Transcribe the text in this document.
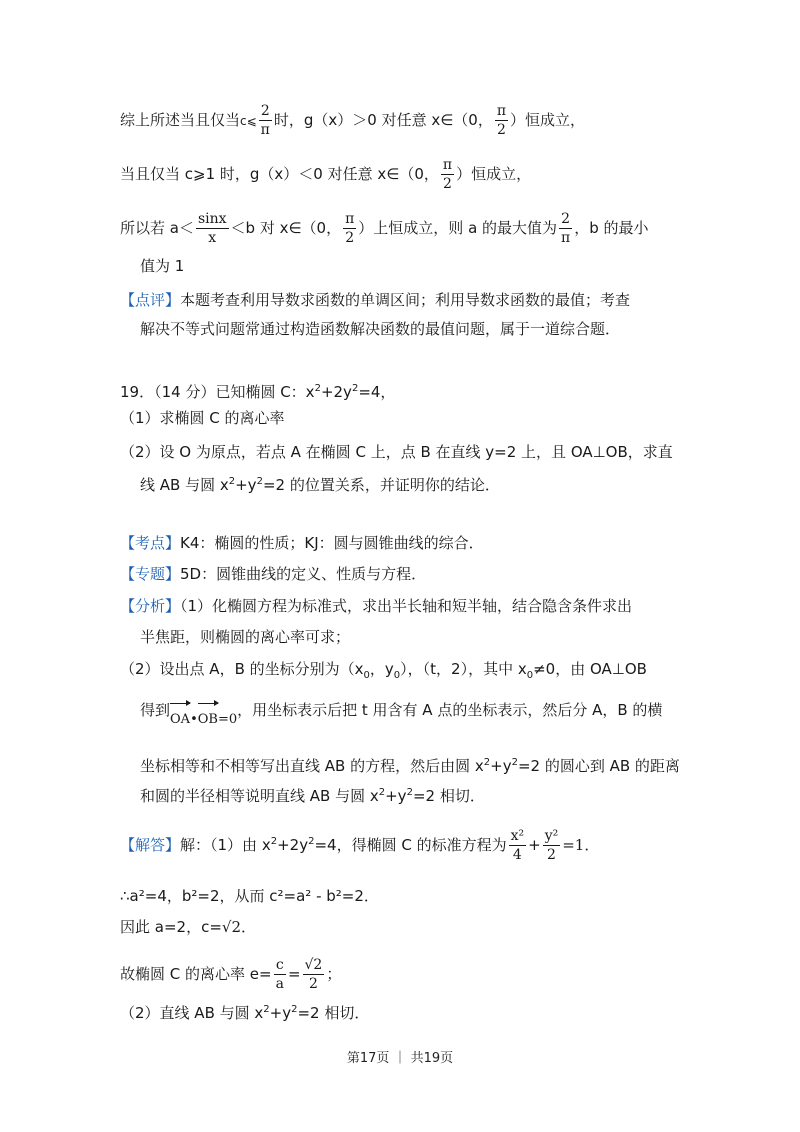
综上所述当且仅当c⩽ $\frac{2}{\pi}$ 时，g（x）＞0 对任意 x∈（0， $\frac{\pi}{2}$ ）恒成立，
当且仅当 c⩾1 时，g（x）＜0 对任意 x∈（0， $\frac{\pi}{2}$ ）恒成立，
所以若 $a< \frac{\sin x}{x} <b$ 对 x∈（0， $\frac{\pi}{2}$ ）上恒成立，则 a 的最大值为 $\frac{2}{\pi}$ ，b 的最小
值为 1
【点评】本题考查利用导数求函数的单调区间；利用导数求函数的最值；考查
解决不等式问题常通过构造函数解决函数的最值问题，属于一道综合题．
19．（14 分）已知椭圆 C：$x^2+2y^2=4$，
（1）求椭圆 C 的离心率
（2）设 O 为原点，若点 A 在椭圆 C 上，点 B 在直线 y=2 上，且 OA⊥OB，求直
线 AB 与圆 $x^2+y^2=2$ 的位置关系，并证明你的结论．
【考点】K4：椭圆的性质；KJ：圆与圆锥曲线的综合．
【专题】5D：圆锥曲线的定义、性质与方程．
【分析】（1）化椭圆方程为标准式，求出半长轴和短半轴，结合隐含条件求出
半焦距，则椭圆的离心率可求；
（2）设出点 A，B 的坐标分别为（$x_0$，$y_0$），（t，2），其中 $x_0\ne 0$，由 OA⊥OB
得到
OA•
OB=0，用坐标表示后把 t 用含有 A 点的坐标表示，然后分 A，B 的横
坐标相等和不相等写出直线 AB 的方程，然后由圆 $x^2+y^2=2$ 的圆心到 AB 的距离
和圆的半径相等说明直线 AB 与圆 $x^2+y^2=2$ 相切．
【解答】解：（1）由 $x^2+2y^2=4$，得椭圆 C 的标准方程为 $\frac{\text{x²}}{4} + \frac{\text{y²}}{2} =1$．
∴a²=4，b²=2，从而 c²=a² - b²=2．
因此 a=2，c=√2．
故椭圆 C 的离心率 $e= \frac{c}{a} = \frac{√2}{2}$ ；
（2）直线 AB 与圆 $x^2+y^2=2$ 相切．
第17页 ｜ 共19页
